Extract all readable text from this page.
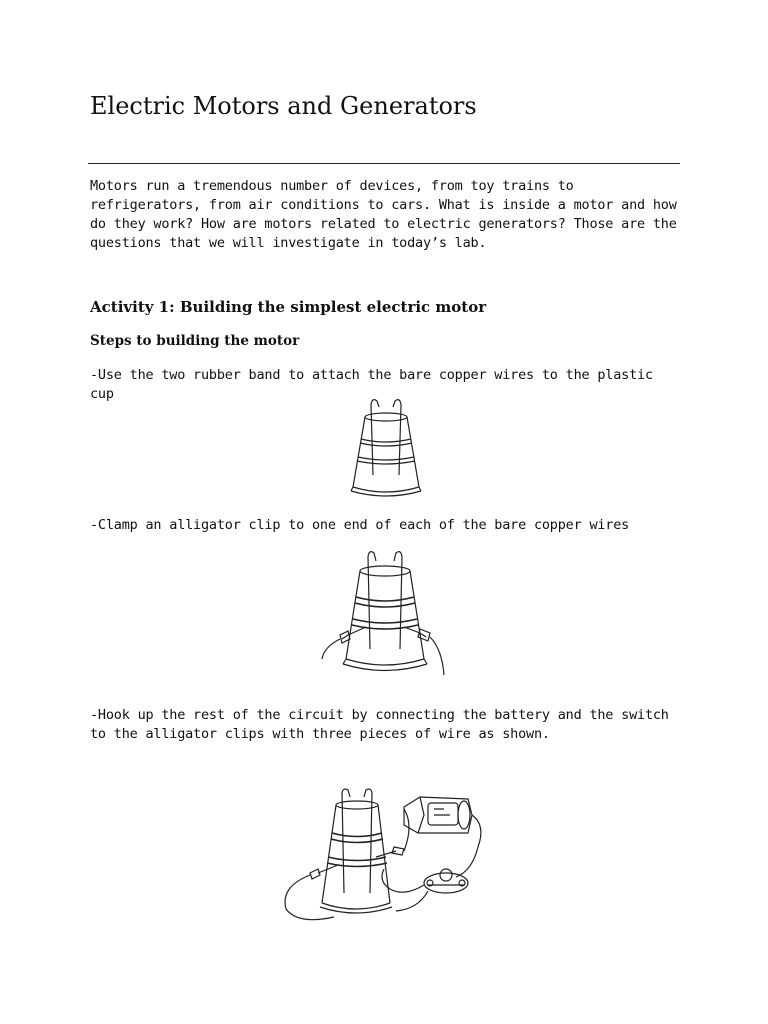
Electric Motors and Generators

Motors run a tremendous number of devices, from toy trains to refrigerators, from air conditions to cars. What is inside a motor and how do they work? How are motors related to electric generators? Those are the questions that we will investigate in today’s lab.

Activity 1: Building the simplest electric motor
Steps to building the motor

-Use the two rubber band to attach the bare copper wires to the plastic cup

-Clamp an alligator clip to one end of each of the bare copper wires

-Hook up the rest of the circuit by connecting the battery and the switch to the alligator clips with three pieces of wire as shown.
